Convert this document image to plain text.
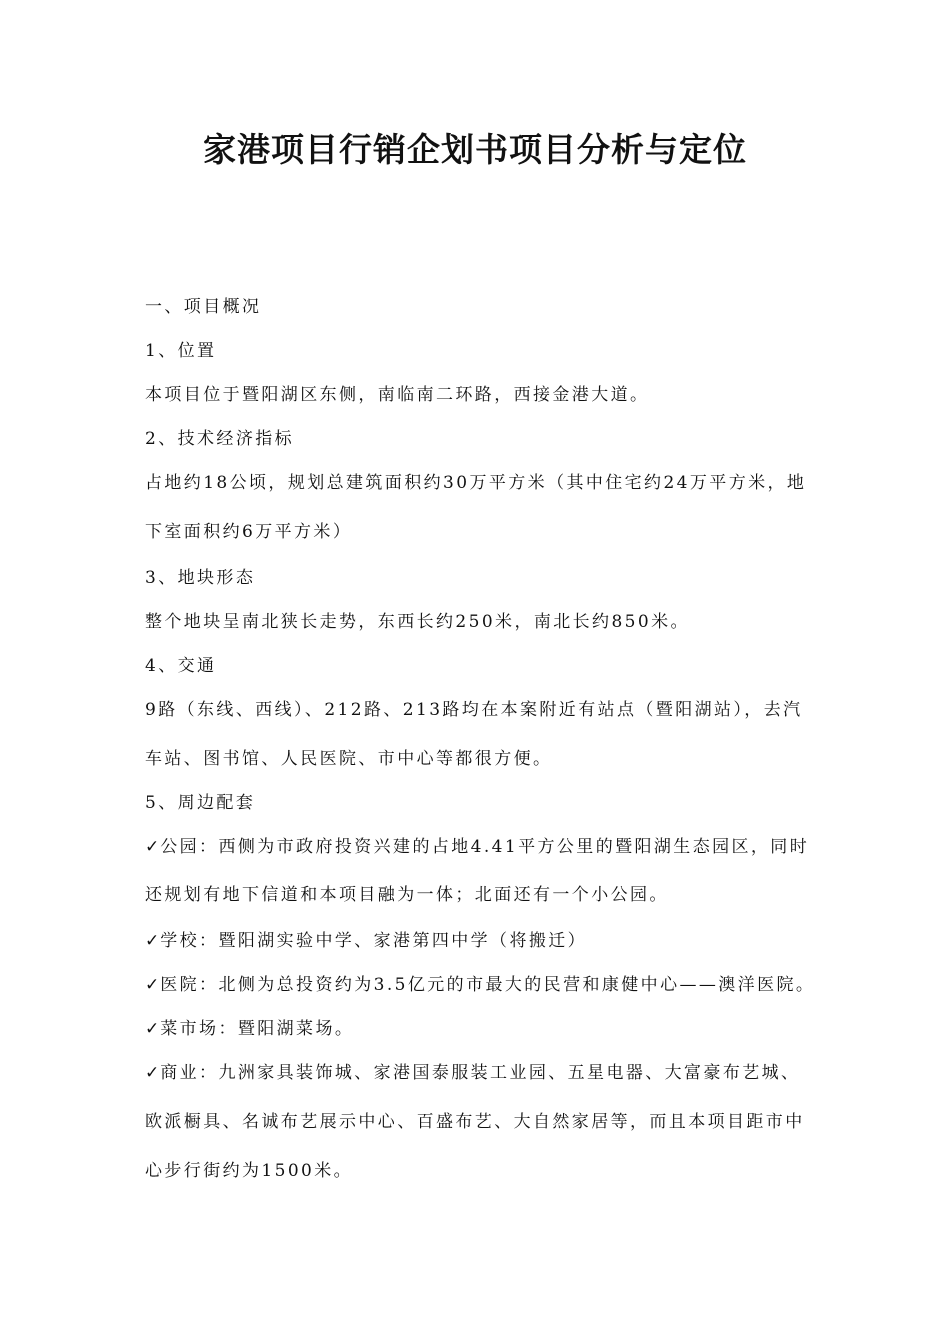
家港项目行销企划书项目分析与定位
一、项目概况
1、位置
本项目位于暨阳湖区东侧，南临南二环路，西接金港大道。
2、技术经济指标
占地约18公顷，规划总建筑面积约30万平方米（其中住宅约24万平方米，地
下室面积约6万平方米）
3、地块形态
整个地块呈南北狭长走势，东西长约250米，南北长约850米。
4、交通
9路（东线、西线）、212路、213路均在本案附近有站点（暨阳湖站），去汽
车站、图书馆、人民医院、市中心等都很方便。
5、周边配套
✓公园：西侧为市政府投资兴建的占地4.41平方公里的暨阳湖生态园区，同时
还规划有地下信道和本项目融为一体；北面还有一个小公园。
✓学校：暨阳湖实验中学、家港第四中学（将搬迁）
✓医院：北侧为总投资约为3.5亿元的市最大的民营和康健中心——澳洋医院。
✓菜市场：暨阳湖菜场。
✓商业：九洲家具装饰城、家港国泰服装工业园、五星电器、大富豪布艺城、
欧派橱具、名诚布艺展示中心、百盛布艺、大自然家居等，而且本项目距市中
心步行街约为1500米。
